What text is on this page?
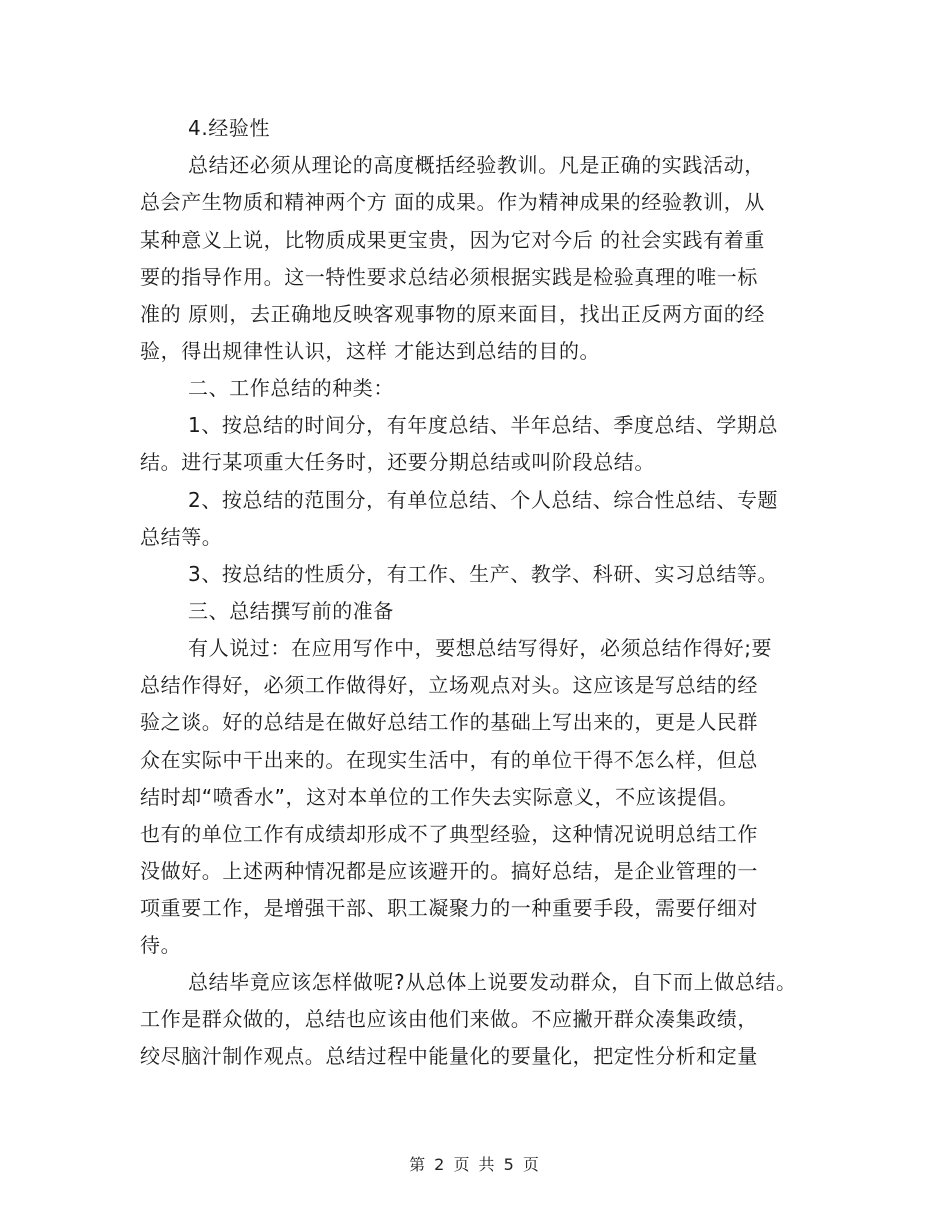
4.经验性
总结还必须从理论的高度概括经验教训。凡是正确的实践活动，
总会产生物质和精神两个方 面的成果。作为精神成果的经验教训，从
某种意义上说，比物质成果更宝贵，因为它对今后 的社会实践有着重
要的指导作用。这一特性要求总结必须根据实践是检验真理的唯一标
准的 原则，去正确地反映客观事物的原来面目，找出正反两方面的经
验，得出规律性认识，这样 才能达到总结的目的。
二、工作总结的种类：
1、按总结的时间分，有年度总结、半年总结、季度总结、学期总
结。进行某项重大任务时，还要分期总结或叫阶段总结。
2、按总结的范围分，有单位总结、个人总结、综合性总结、专题
总结等。
3、按总结的性质分，有工作、生产、教学、科研、实习总结等。
三、总结撰写前的准备
有人说过：在应用写作中，要想总结写得好，必须总结作得好;要
总结作得好，必须工作做得好，立场观点对头。这应该是写总结的经
验之谈。好的总结是在做好总结工作的基础上写出来的，更是人民群
众在实际中干出来的。在现实生活中，有的单位干得不怎么样，但总
结时却“喷香水”，这对本单位的工作失去实际意义，不应该提倡。
也有的单位工作有成绩却形成不了典型经验，这种情况说明总结工作
没做好。上述两种情况都是应该避开的。搞好总结，是企业管理的一
项重要工作，是增强干部、职工凝聚力的一种重要手段，需要仔细对
待。
总结毕竟应该怎样做呢?从总体上说要发动群众，自下而上做总结。
工作是群众做的，总结也应该由他们来做。不应撇开群众凑集政绩，
绞尽脑汁制作观点。总结过程中能量化的要量化，把定性分析和定量
第 2 页 共 5 页
